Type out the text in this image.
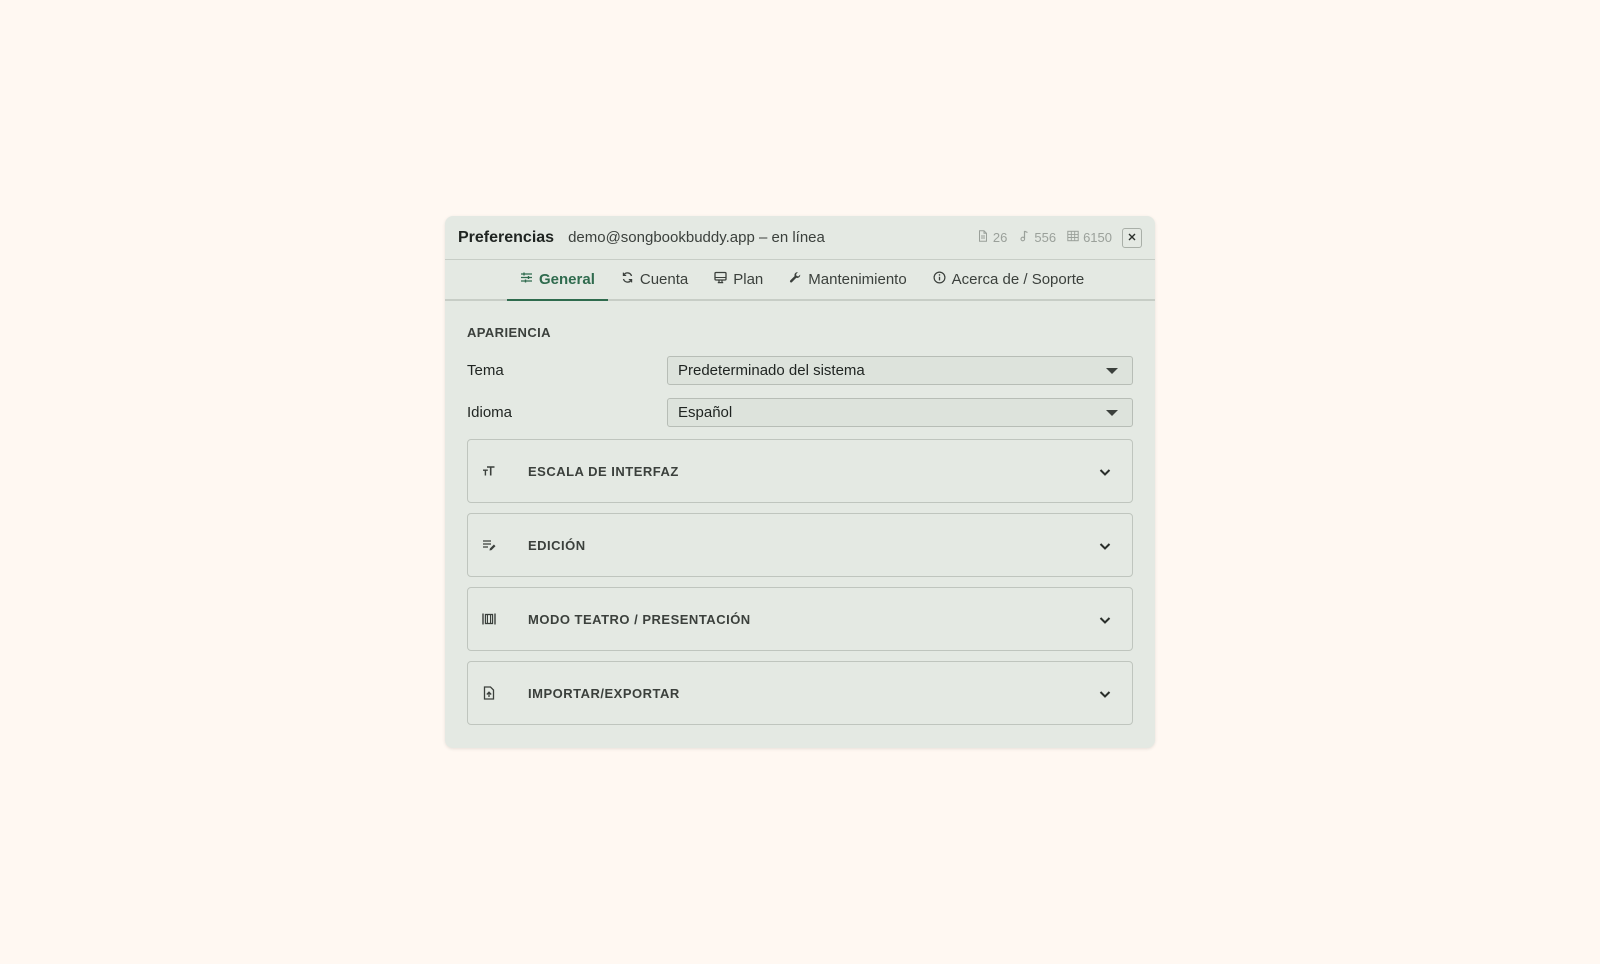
Preferencias demo@songbookbuddy.app – en línea	26 556 6150
General	Cuenta	Plan	Mantenimiento	Acerca de / Soporte
APARIENCIA
Tema	Predeterminado del sistema
Idioma	Español
ESCALA DE INTERFAZ
EDICIÓN
MODO TEATRO / PRESENTACIÓN
IMPORTAR/EXPORTAR
